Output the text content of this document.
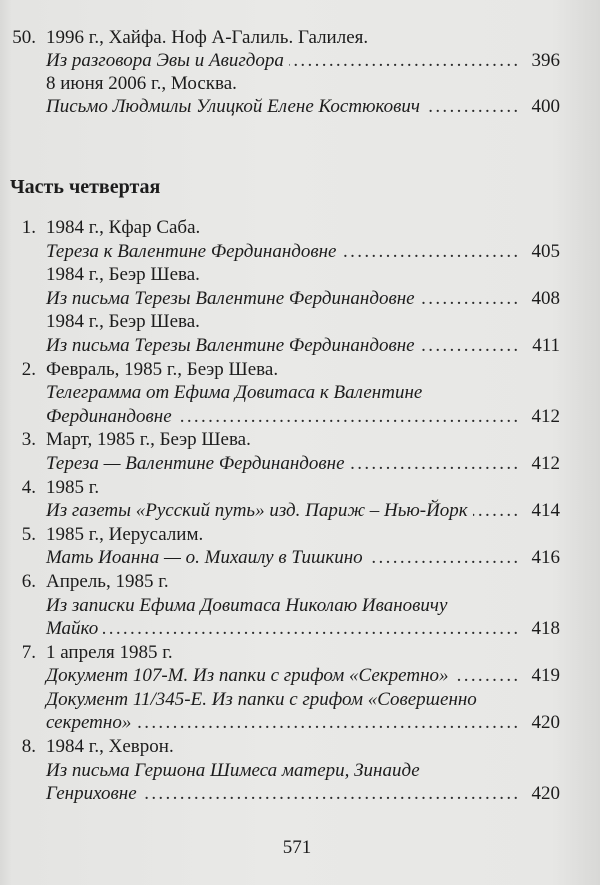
50. 1996 г., Хайфа. Ноф А-Галиль. Галилея.
Из разговора Эвы и Авигдора . . .	396
8 июня 2006 г., Москва.
Письмо Людмилы Улицкой Елене Костюкович . . .	400
Часть четвертая
1. 1984 г., Кфар Саба.
Тереза к Валентине Фердинандовне . . .	405
1984 г., Беэр Шева.
Из письма Терезы Валентине Фердинандовне . . .	408
1984 г., Беэр Шева.
Из письма Терезы Валентине Фердинандовне . . .	411
2. Февраль, 1985 г., Беэр Шева.
Телеграмма от Ефима Довитаса к Валентине
Фердинандовне . . .	412
3. Март, 1985 г., Беэр Шева.
Тереза — Валентине Фердинандовне . . .	412
4. 1985 г.
Из газеты «Русский путь» изд. Париж – Нью-Йорк . . .	414
5. 1985 г., Иерусалим.
Мать Иоанна — о. Михаилу в Тишкино . . .	416
6. Апрель, 1985 г.
Из записки Ефима Довитаса Николаю Ивановичу
Майко . . .	418
7. 1 апреля 1985 г.
Документ 107-М. Из папки с грифом «Секретно» . . .	419
Документ 11/345-Е. Из папки с грифом «Совершенно
секретно» . . .	420
8. 1984 г., Хеврон.
Из письма Гершона Шимеса матери, Зинаиде
Генриховне . . .	420
571
